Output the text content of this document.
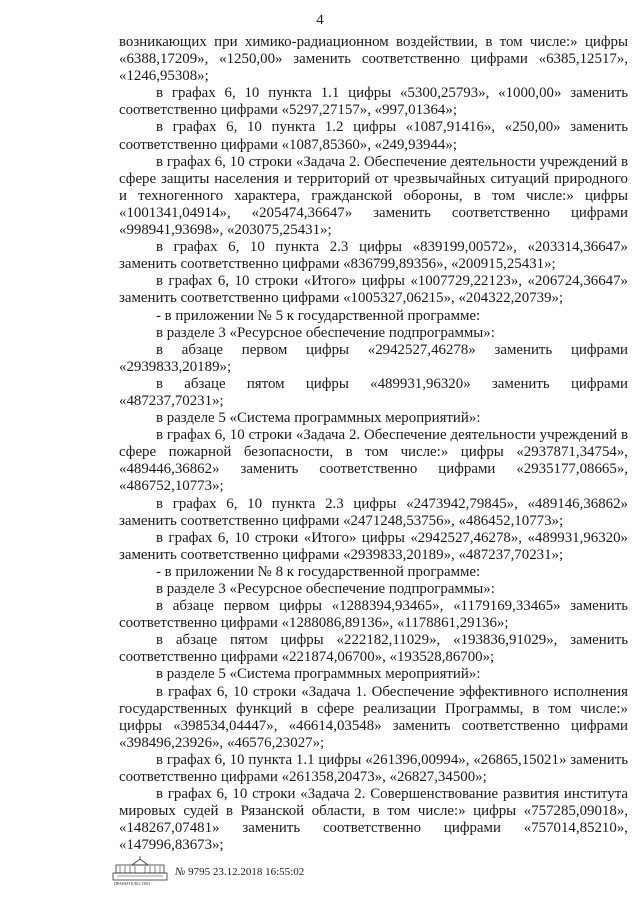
4

возникающих при химико-радиационном воздействии, в том числе:» цифры «6388,17209», «1250,00» заменить соответственно цифрами «6385,12517», «1246,95308»;

в графах 6, 10 пункта 1.1 цифры «5300,25793», «1000,00» заменить соответственно цифрами «5297,27157», «997,01364»;

в графах 6, 10 пункта 1.2 цифры «1087,91416», «250,00» заменить соответственно цифрами «1087,85360», «249,93944»;

в графах 6, 10 строки «Задача 2. Обеспечение деятельности учреждений в сфере защиты населения и территорий от чрезвычайных ситуаций природного и техногенного характера, гражданской обороны, в том числе:» цифры «1001341,04914», «205474,36647» заменить соответственно цифрами «998941,93698», «203075,25431»;

в графах 6, 10 пункта 2.3 цифры «839199,00572», «203314,36647» заменить соответственно цифрами «836799,89356», «200915,25431»;

в графах 6, 10 строки «Итого» цифры «1007729,22123», «206724,36647» заменить соответственно цифрами «1005327,06215», «204322,20739»;

- в приложении № 5 к государственной программе:

в разделе 3 «Ресурсное обеспечение подпрограммы»:

в абзаце первом цифры «2942527,46278» заменить цифрами «2939833,20189»;

в абзаце пятом цифры «489931,96320» заменить цифрами «487237,70231»;

в разделе 5 «Система программных мероприятий»:

в графах 6, 10 строки «Задача 2. Обеспечение деятельности учреждений в сфере пожарной безопасности, в том числе:» цифры «2937871,34754», «489446,36862» заменить соответственно цифрами «2935177,08665», «486752,10773»;

в графах 6, 10 пункта 2.3 цифры «2473942,79845», «489146,36862» заменить соответственно цифрами «2471248,53756», «486452,10773»;

в графах 6, 10 строки «Итого» цифры «2942527,46278», «489931,96320» заменить соответственно цифрами «2939833,20189», «487237,70231»;

- в приложении № 8 к государственной программе:

в разделе 3 «Ресурсное обеспечение подпрограммы»:

в абзаце первом цифры «1288394,93465», «1179169,33465» заменить соответственно цифрами «1288086,89136», «1178861,29136»;

в абзаце пятом цифры «222182,11029», «193836,91029», заменить соответственно цифрами «221874,06700», «193528,86700»;

в разделе 5 «Система программных мероприятий»:

в графах 6, 10 строки «Задача 1. Обеспечение эффективного исполнения государственных функций в сфере реализации Программы, в том числе:» цифры «398534,04447», «46614,03548» заменить соответственно цифрами «398496,23926», «46576,23027»;

в графах 6, 10 пункта 1.1 цифры «261396,00994», «26865,15021» заменить соответственно цифрами «261358,20473», «26827,34500»;

в графах 6, 10 строки «Задача 2. Совершенствование развития института мировых судей в Рязанской области, в том числе:» цифры «757285,09018», «148267,07481» заменить соответственно цифрами «757014,85210», «147996,83673»;

ПРАВИТЕЛЬСТВО
№ 9795 23.12.2018 16:55:02
